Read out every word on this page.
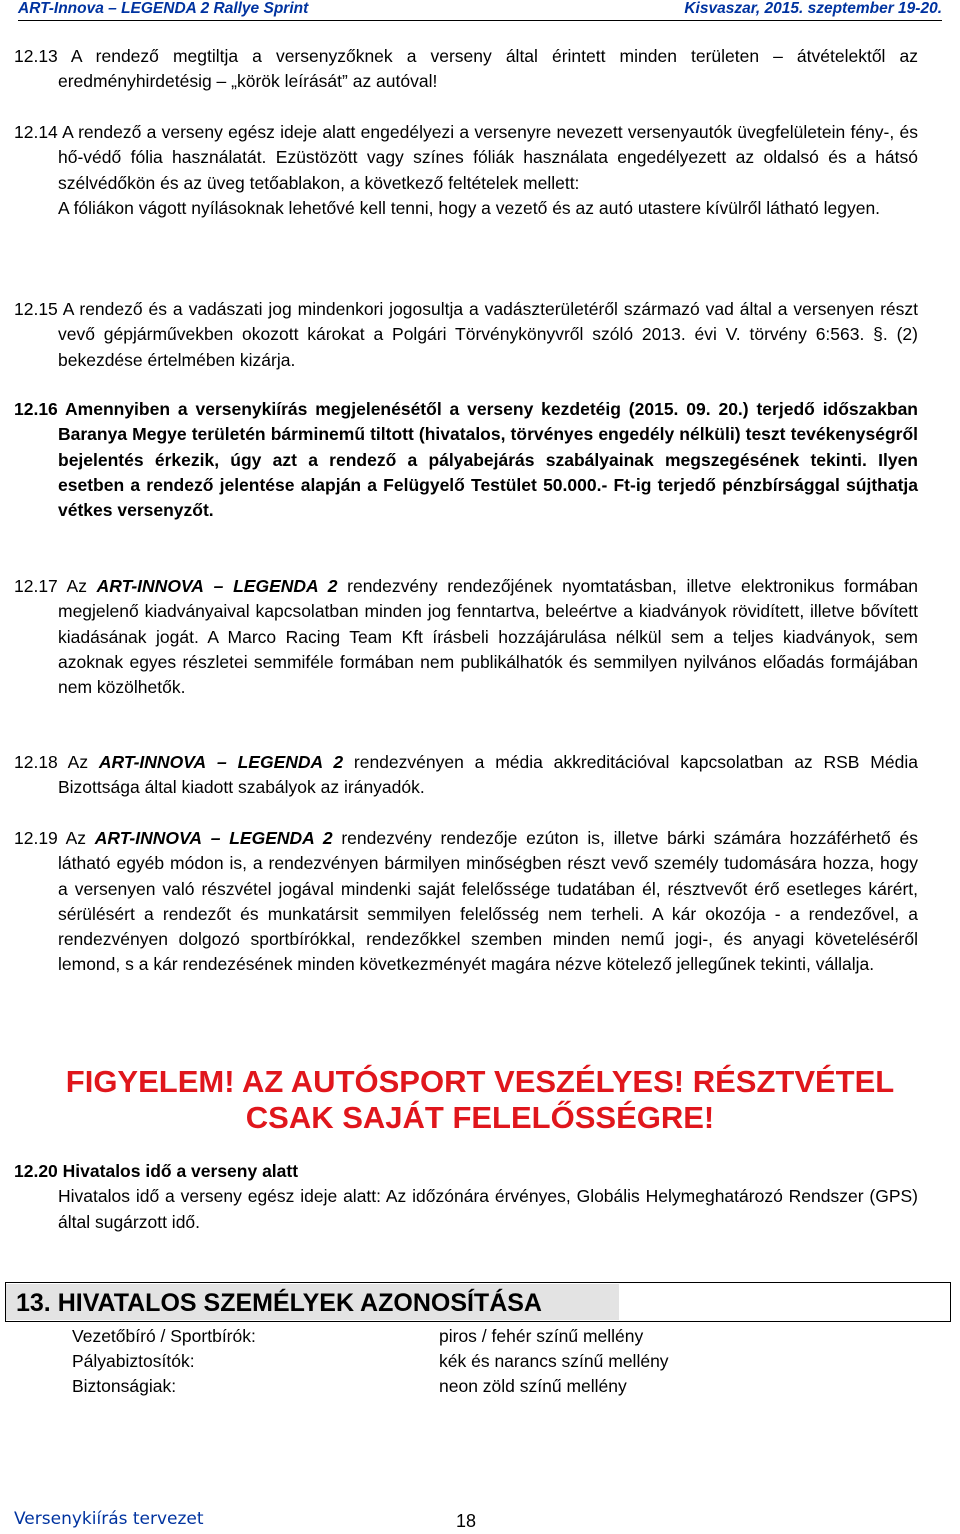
ART-Innova – LEGENDA 2 Rallye Sprint	Kisvaszar, 2015. szeptember 19-20.
12.13 A rendező megtiltja a versenyzőknek a verseny által érintett minden területen – átvételektől az eredményhirdetésig – „körök leírását” az autóval!
12.14 A rendező a verseny egész ideje alatt engedélyezi a versenyre nevezett versenyautók üvegfelületein fény-, és hő-védő fólia használatát. Ezüstözött vagy színes fóliák használata engedélyezett az oldalsó és a hátsó szélvédőkön és az üveg tetőablakon, a következő feltételek mellett:
A fóliákon vágott nyílásoknak lehetővé kell tenni, hogy a vezető és az autó utastere kívülről látható legyen.
12.15 A rendező és a vadászati jog mindenkori jogosultja a vadászterületéről származó vad által a versenyen részt vevő gépjárművekben okozott károkat a Polgári Törvénykönyvről szóló 2013. évi V. törvény 6:563. §. (2) bekezdése értelmében kizárja.
12.16 Amennyiben a versenykiírás megjelenésétől a verseny kezdetéig (2015. 09. 20.) terjedő időszakban Baranya Megye területén bárminemű tiltott (hivatalos, törvényes engedély nélküli) teszt tevékenységről bejelentés érkezik, úgy azt a rendező a pályabejárás szabályainak megszegésének tekinti. Ilyen esetben a rendező jelentése alapján a Felügyelő Testület 50.000.- Ft-ig terjedő pénzbírsággal sújthatja vétkes versenyzőt.
12.17 Az ART-INNOVA – LEGENDA 2 rendezvény rendezőjének nyomtatásban, illetve elektronikus formában megjelenő kiadványaival kapcsolatban minden jog fenntartva, beleértve a kiadványok rövidített, illetve bővített kiadásának jogát. A Marco Racing Team Kft írásbeli hozzájárulása nélkül sem a teljes kiadványok, sem azoknak egyes részletei semmiféle formában nem publikálhatók és semmilyen nyilvános előadás formájában nem közölhetők.
12.18 Az ART-INNOVA – LEGENDA 2 rendezvényen a média akkreditációval kapcsolatban az RSB Média Bizottsága által kiadott szabályok az irányadók.
12.19 Az ART-INNOVA – LEGENDA 2 rendezvény rendezője ezúton is, illetve bárki számára hozzáférhető és látható egyéb módon is, a rendezvényen bármilyen minőségben részt vevő személy tudomására hozza, hogy a versenyen való részvétel jogával mindenki saját felelőssége tudatában él, résztvevőt érő esetleges kárért, sérülésért a rendezőt és munkatársit semmilyen felelősség nem terheli. A kár okozója - a rendezővel, a rendezvényen dolgozó sportbírókkal, rendezőkkel szemben minden nemű jogi-, és anyagi követeléséről lemond, s a kár rendezésének minden következményét magára nézve kötelező jellegűnek tekinti, vállalja.
FIGYELEM! AZ AUTÓSPORT VESZÉLYES! RÉSZTVÉTEL
CSAK SAJÁT FELELŐSSÉGRE!
12.20 Hivatalos idő a verseny alatt
Hivatalos idő a verseny egész ideje alatt: Az időzónára érvényes, Globális Helymeghatározó Rendszer (GPS) által sugárzott idő.
13. HIVATALOS SZEMÉLYEK AZONOSÍTÁSA
Vezetőbíró / Sportbírók:	piros / fehér színű mellény
Pályabiztosítók:	kék és narancs színű mellény
Biztonságiak:	neon zöld színű mellény
Versenykiírás tervezet	18
